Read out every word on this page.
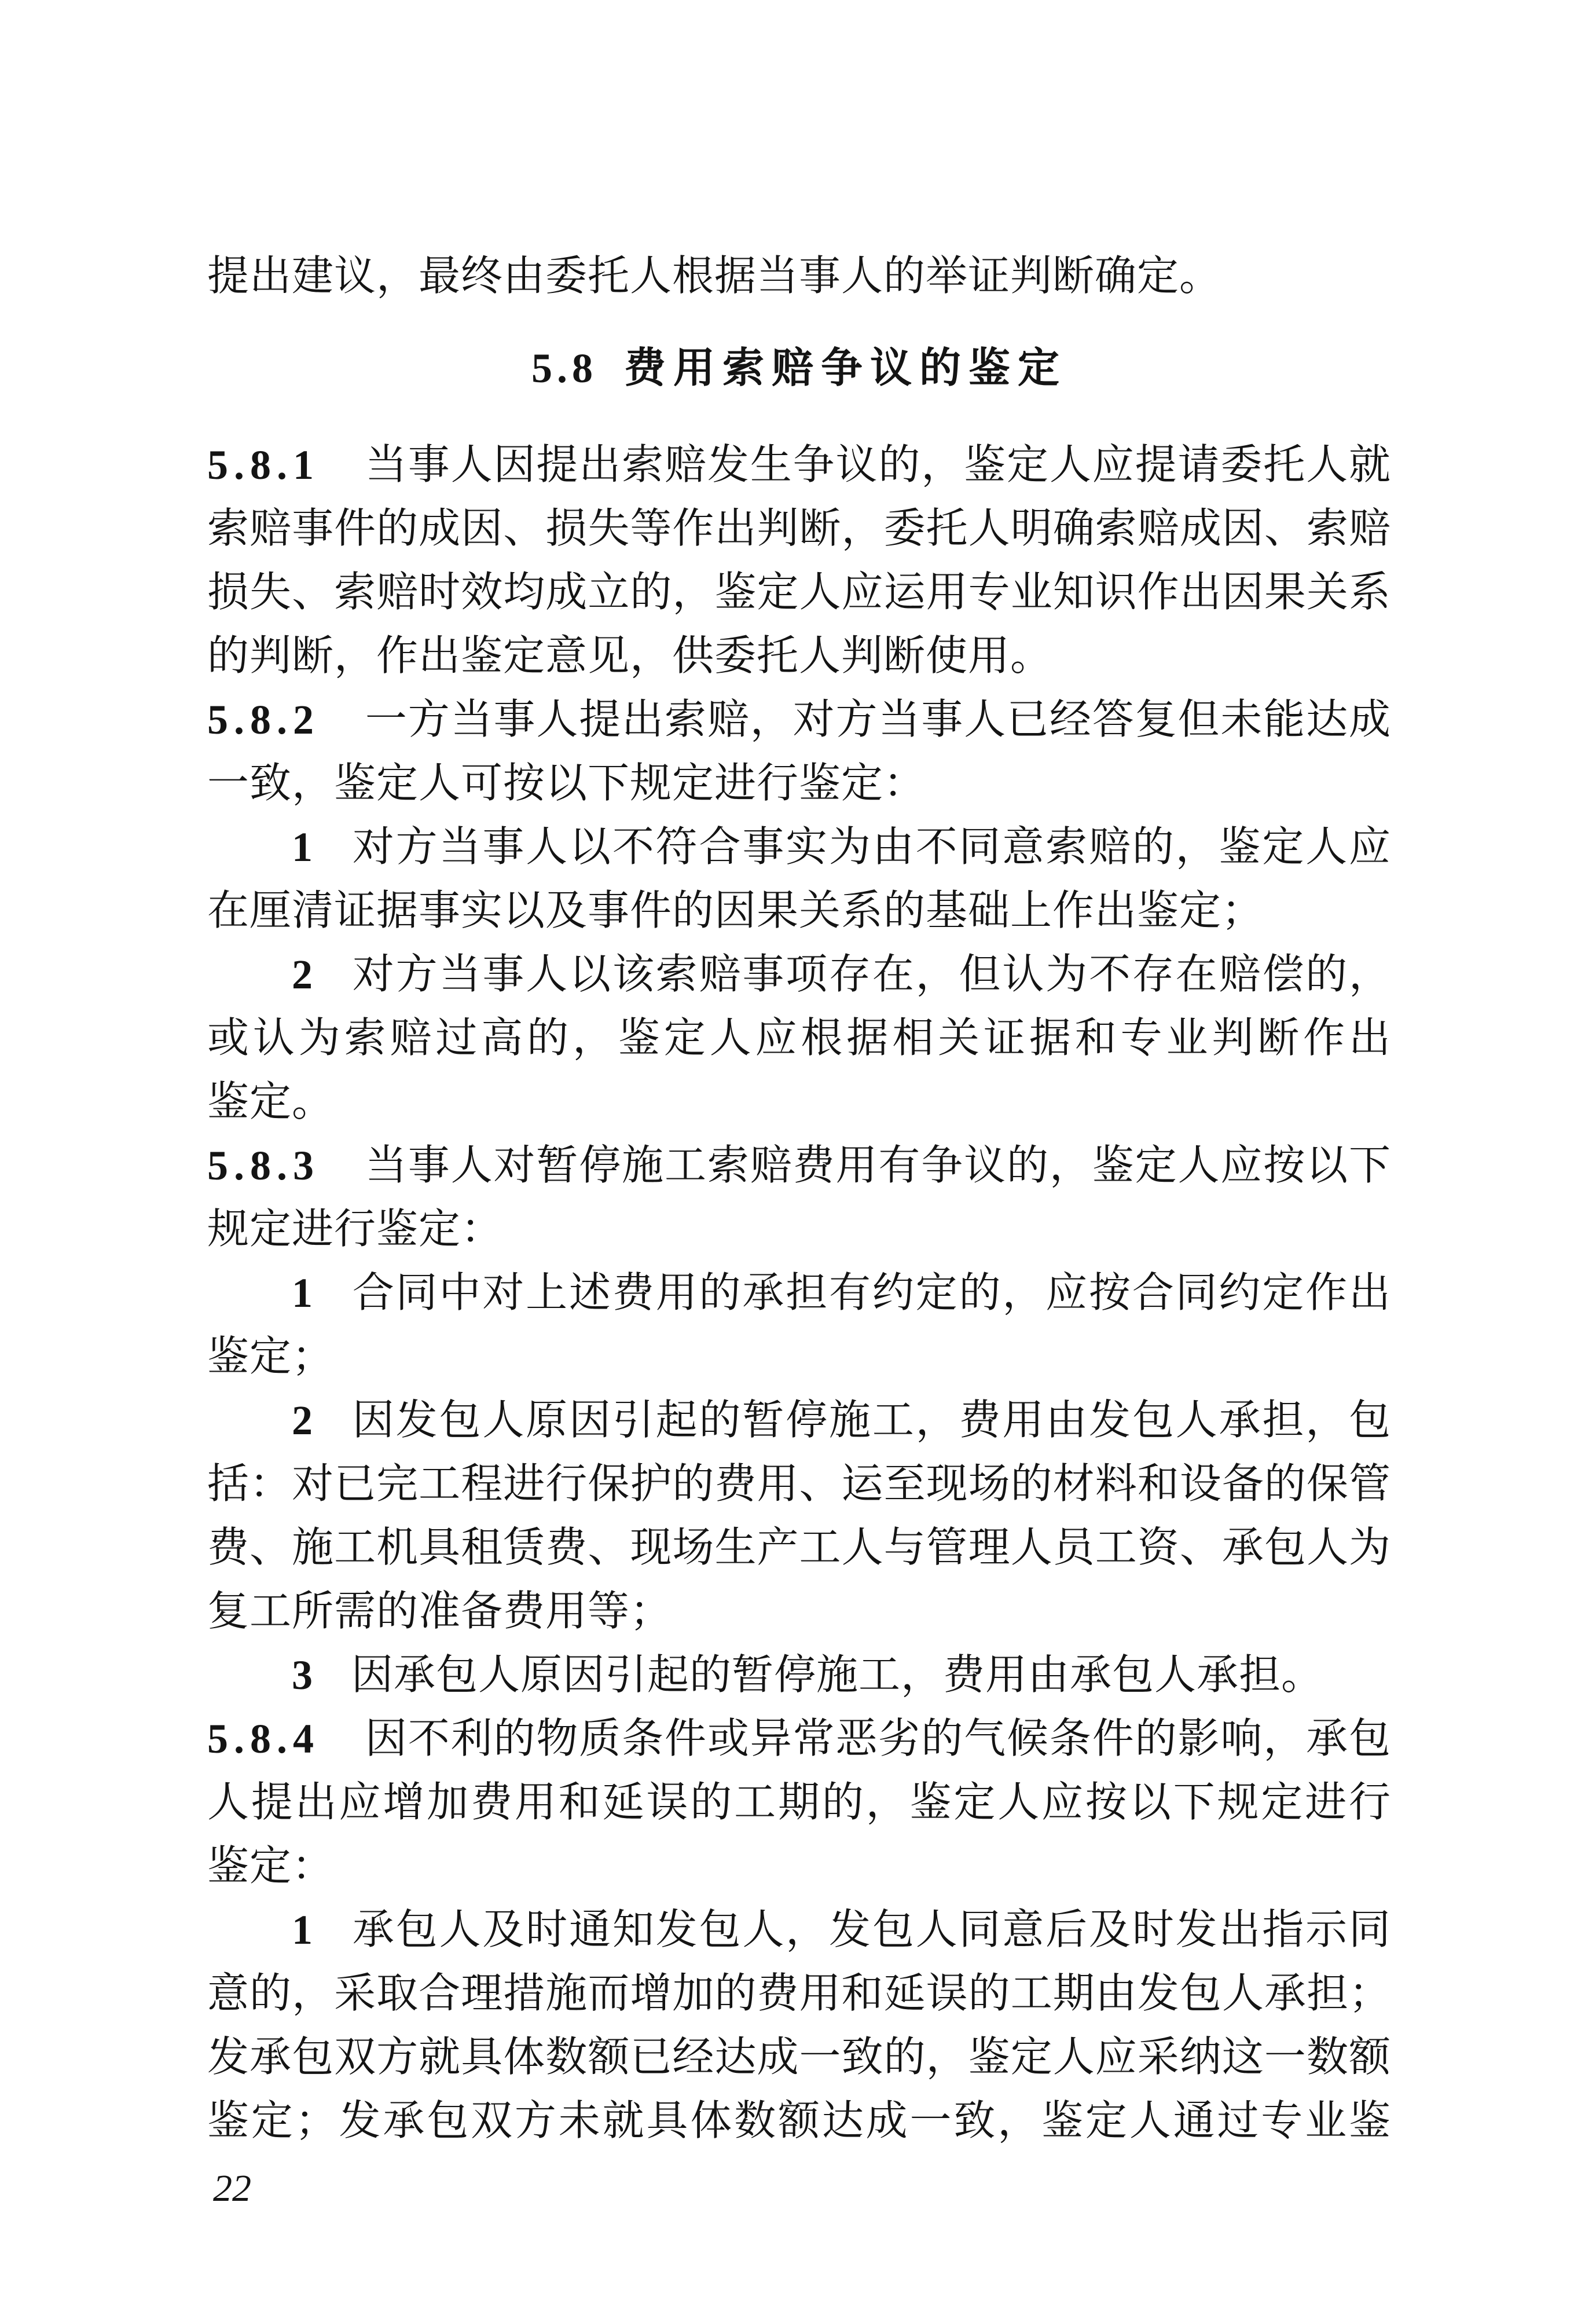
提出建议，最终由委托人根据当事人的举证判断确定。
5.8 费用索赔争议的鉴定
5.8.1 当事人因提出索赔发生争议的，鉴定人应提请委托人就
索赔事件的成因、损失等作出判断，委托人明确索赔成因、索赔
损失、索赔时效均成立的，鉴定人应运用专业知识作出因果关系
的判断，作出鉴定意见，供委托人判断使用。
5.8.2 一方当事人提出索赔，对方当事人已经答复但未能达成
一致，鉴定人可按以下规定进行鉴定：
1 对方当事人以不符合事实为由不同意索赔的，鉴定人应
在厘清证据事实以及事件的因果关系的基础上作出鉴定；
2 对方当事人以该索赔事项存在，但认为不存在赔偿的，
或认为索赔过高的，鉴定人应根据相关证据和专业判断作出
鉴定。
5.8.3 当事人对暂停施工索赔费用有争议的，鉴定人应按以下
规定进行鉴定：
1 合同中对上述费用的承担有约定的，应按合同约定作出
鉴定；
2 因发包人原因引起的暂停施工，费用由发包人承担，包
括：对已完工程进行保护的费用、运至现场的材料和设备的保管
费、施工机具租赁费、现场生产工人与管理人员工资、承包人为
复工所需的准备费用等；
3 因承包人原因引起的暂停施工，费用由承包人承担。
5.8.4 因不利的物质条件或异常恶劣的气候条件的影响，承包
人提出应增加费用和延误的工期的，鉴定人应按以下规定进行
鉴定：
1 承包人及时通知发包人，发包人同意后及时发出指示同
意的，采取合理措施而增加的费用和延误的工期由发包人承担；
发承包双方就具体数额已经达成一致的，鉴定人应采纳这一数额
鉴定；发承包双方未就具体数额达成一致，鉴定人通过专业鉴
22
